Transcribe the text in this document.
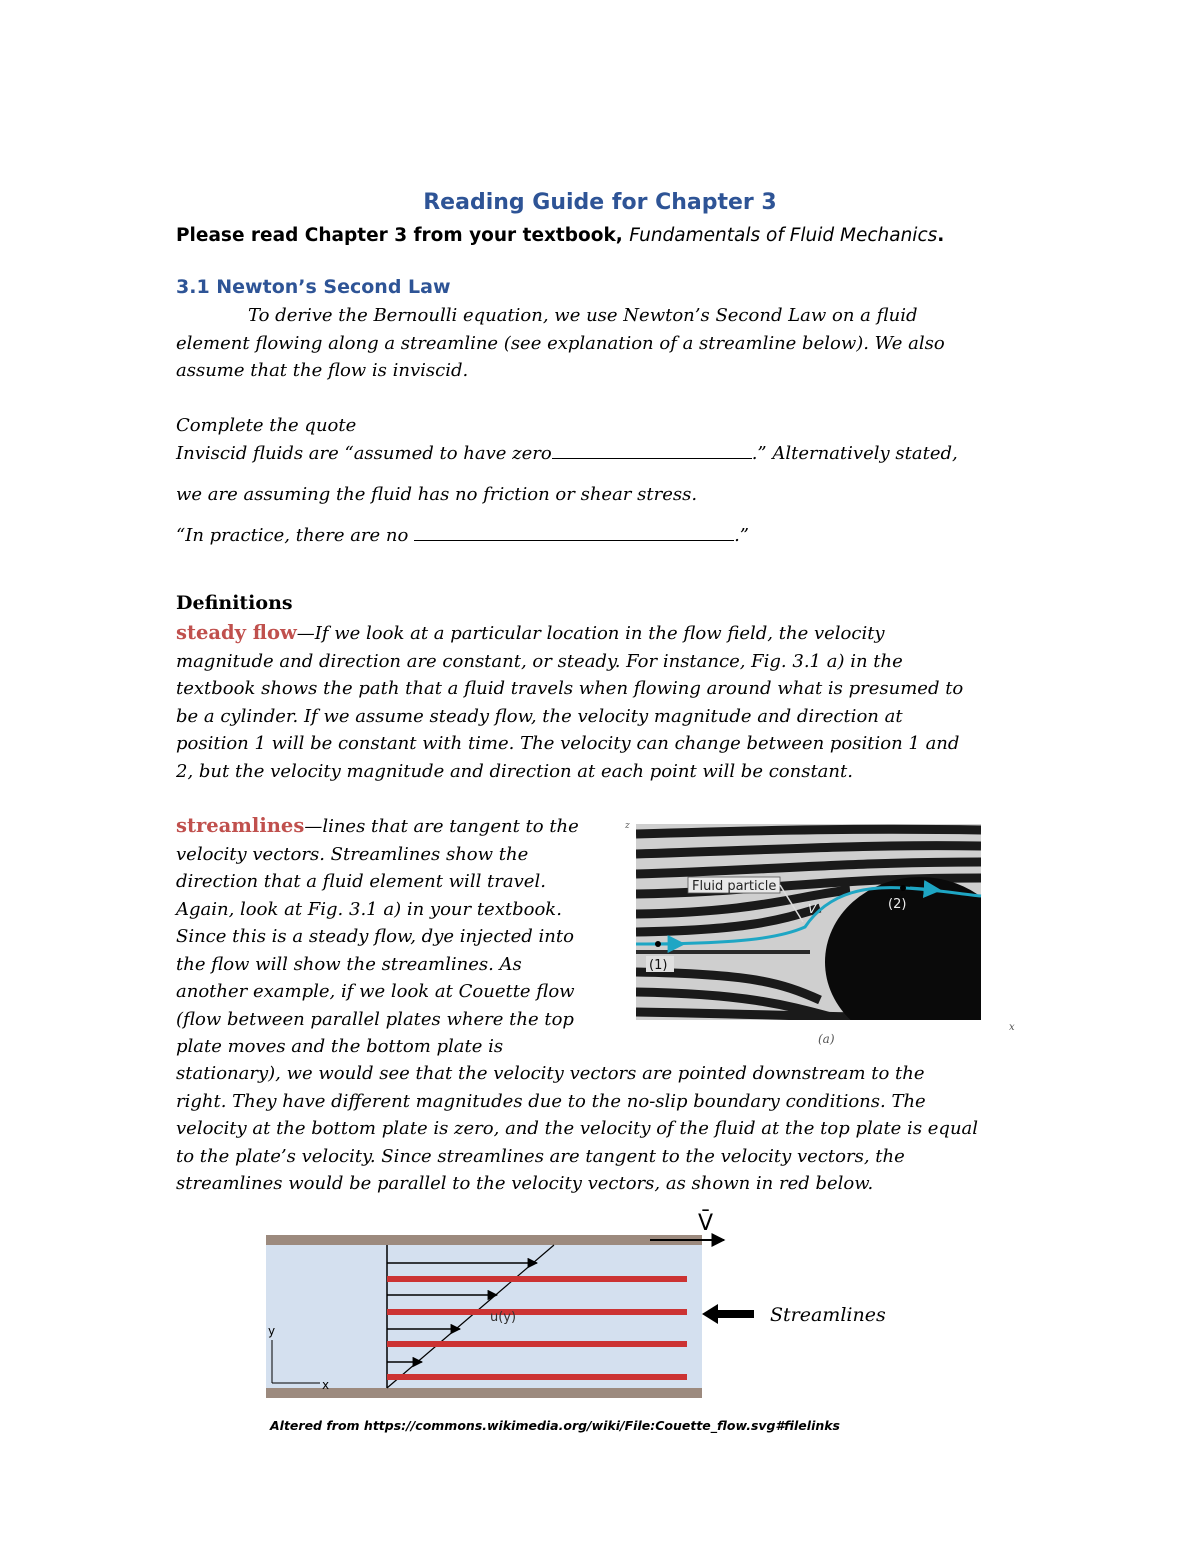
Reading Guide for Chapter 3
Please read Chapter 3 from your textbook, Fundamentals of Fluid Mechanics.
3.1 Newton’s Second Law
To derive the Bernoulli equation, we use Newton’s Second Law on a fluid
element flowing along a streamline (see explanation of a streamline below). We also
assume that the flow is inviscid.
Complete the quote
Inviscid fluids are “assumed to have zero	.” Alternatively stated,
we are assuming the fluid has no friction or shear stress.
“In practice, there are no	.”
Definitions
steady flow—If we look at a particular location in the flow field, the velocity
magnitude and direction are constant, or steady. For instance, Fig. 3.1 a) in the
textbook shows the path that a fluid travels when flowing around what is presumed to
be a cylinder. If we assume steady flow, the velocity magnitude and direction at
position 1 will be constant with time. The velocity can change between position 1 and
2, but the velocity magnitude and direction at each point will be constant.
streamlines—lines that are tangent to the
velocity vectors. Streamlines show the
direction that a fluid element will travel.
Again, look at Fig. 3.1 a) in your textbook.
Since this is a steady flow, dye injected into
the flow will show the streamlines. As
another example, if we look at Couette flow
(flow between parallel plates where the top
plate moves and the bottom plate is
stationary), we would see that the velocity vectors are pointed downstream to the
right. They have different magnitudes due to the no-slip boundary conditions. The
velocity at the bottom plate is zero, and the velocity of the fluid at the top plate is equal
to the plate’s velocity. Since streamlines are tangent to the velocity vectors, the
streamlines would be parallel to the velocity vectors, as shown in red below.
Fluid particle
V	(2)
(1)
z
x
(a)
V̄
u(y)
y
x
Streamlines
Altered from https://commons.wikimedia.org/wiki/File:Couette_flow.svg#filelinks
